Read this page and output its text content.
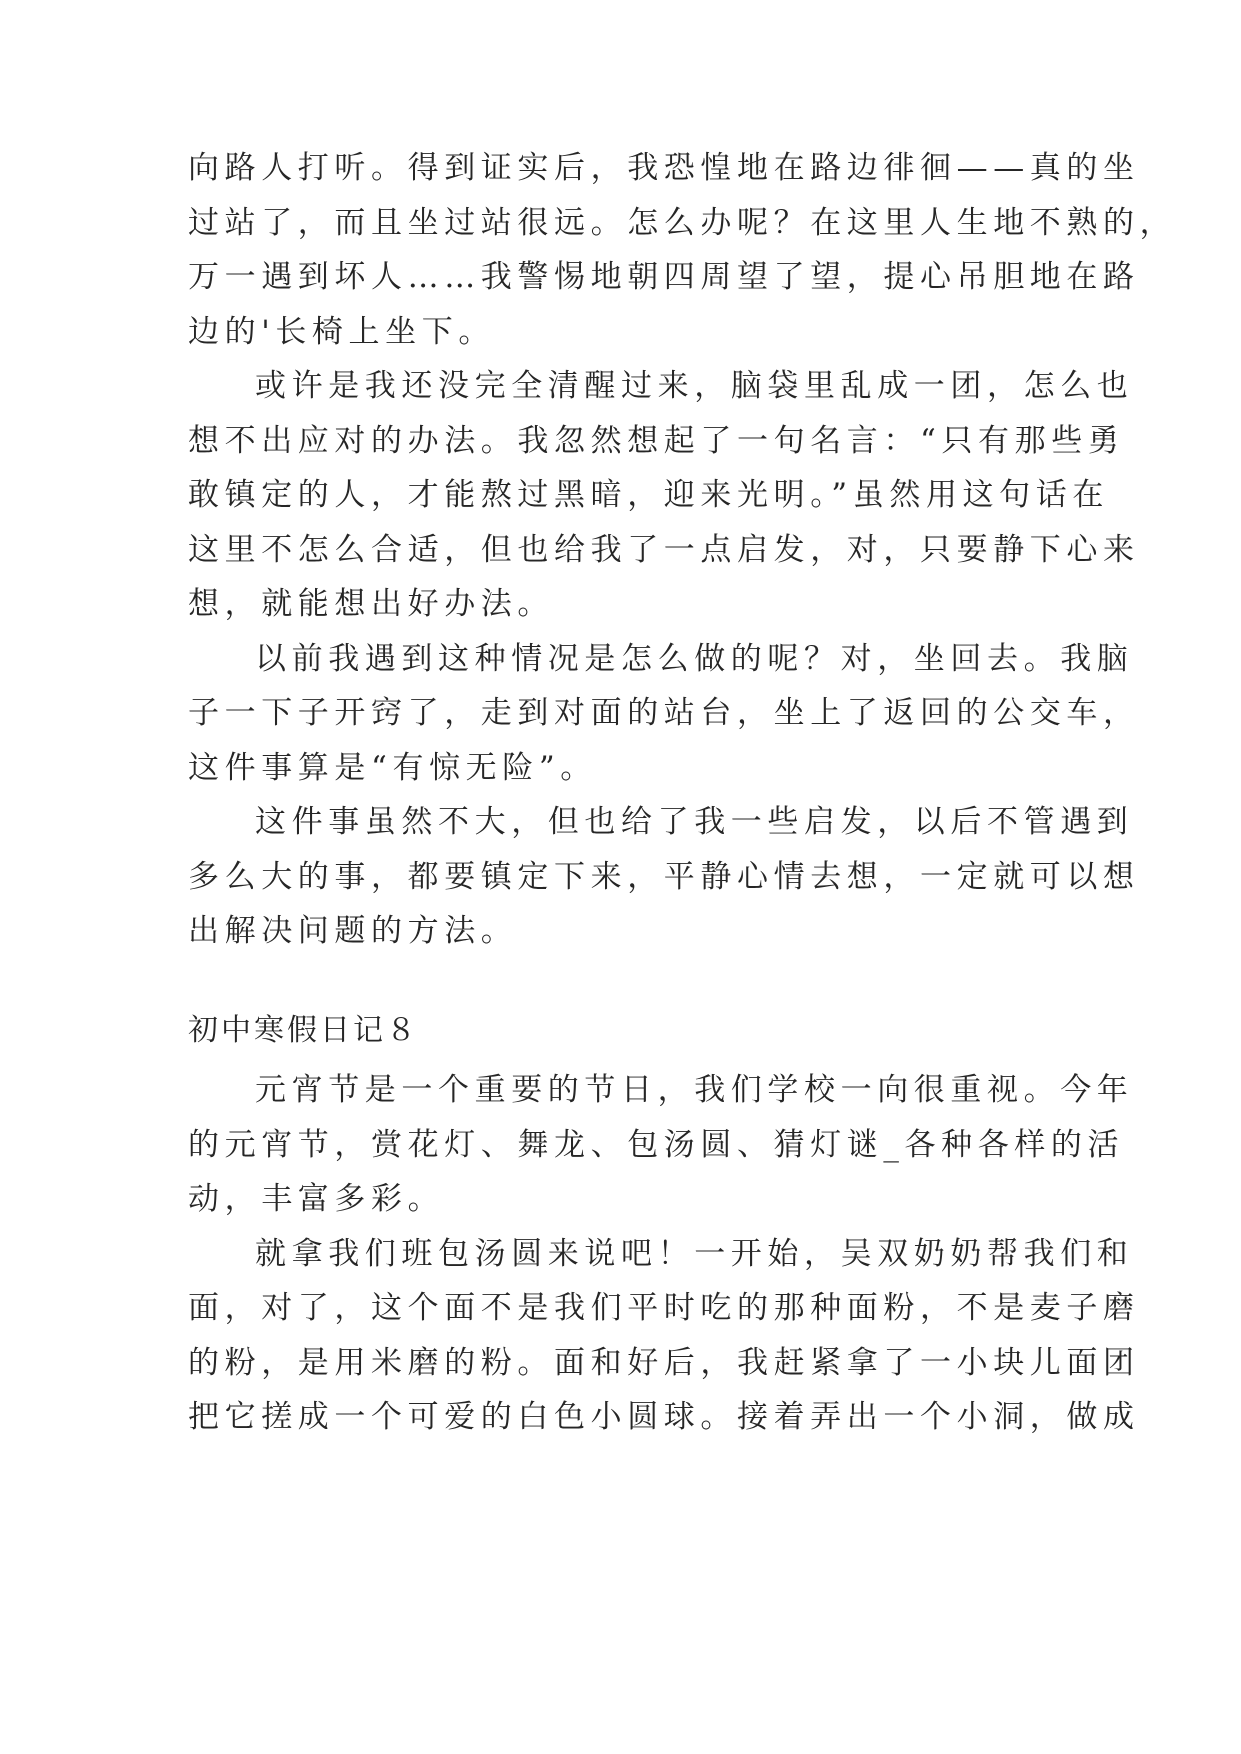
向路人打听。得到证实后，我恐惶地在路边徘徊——真的坐
过站了，而且坐过站很远。怎么办呢？在这里人生地不熟的，
万一遇到坏人……我警惕地朝四周望了望，提心吊胆地在路
边的'长椅上坐下。
或许是我还没完全清醒过来，脑袋里乱成一团，怎么也
想不出应对的办法。我忽然想起了一句名言：“只有那些勇
敢镇定的人，才能熬过黑暗，迎来光明。”虽然用这句话在
这里不怎么合适，但也给我了一点启发，对，只要静下心来
想，就能想出好办法。
以前我遇到这种情况是怎么做的呢？对，坐回去。我脑
子一下子开窍了，走到对面的站台，坐上了返回的公交车，
这件事算是“有惊无险”。
这件事虽然不大，但也给了我一些启发，以后不管遇到
多么大的事，都要镇定下来，平静心情去想，一定就可以想
出解决问题的方法。
初中寒假日记８
元宵节是一个重要的节日，我们学校一向很重视。今年
的元宵节，赏花灯、舞龙、包汤圆、猜灯谜_各种各样的活
动，丰富多彩。
就拿我们班包汤圆来说吧！一开始，吴双奶奶帮我们和
面，对了，这个面不是我们平时吃的那种面粉，不是麦子磨
的粉，是用米磨的粉。面和好后，我赶紧拿了一小块儿面团
把它搓成一个可爱的白色小圆球。接着弄出一个小洞，做成
